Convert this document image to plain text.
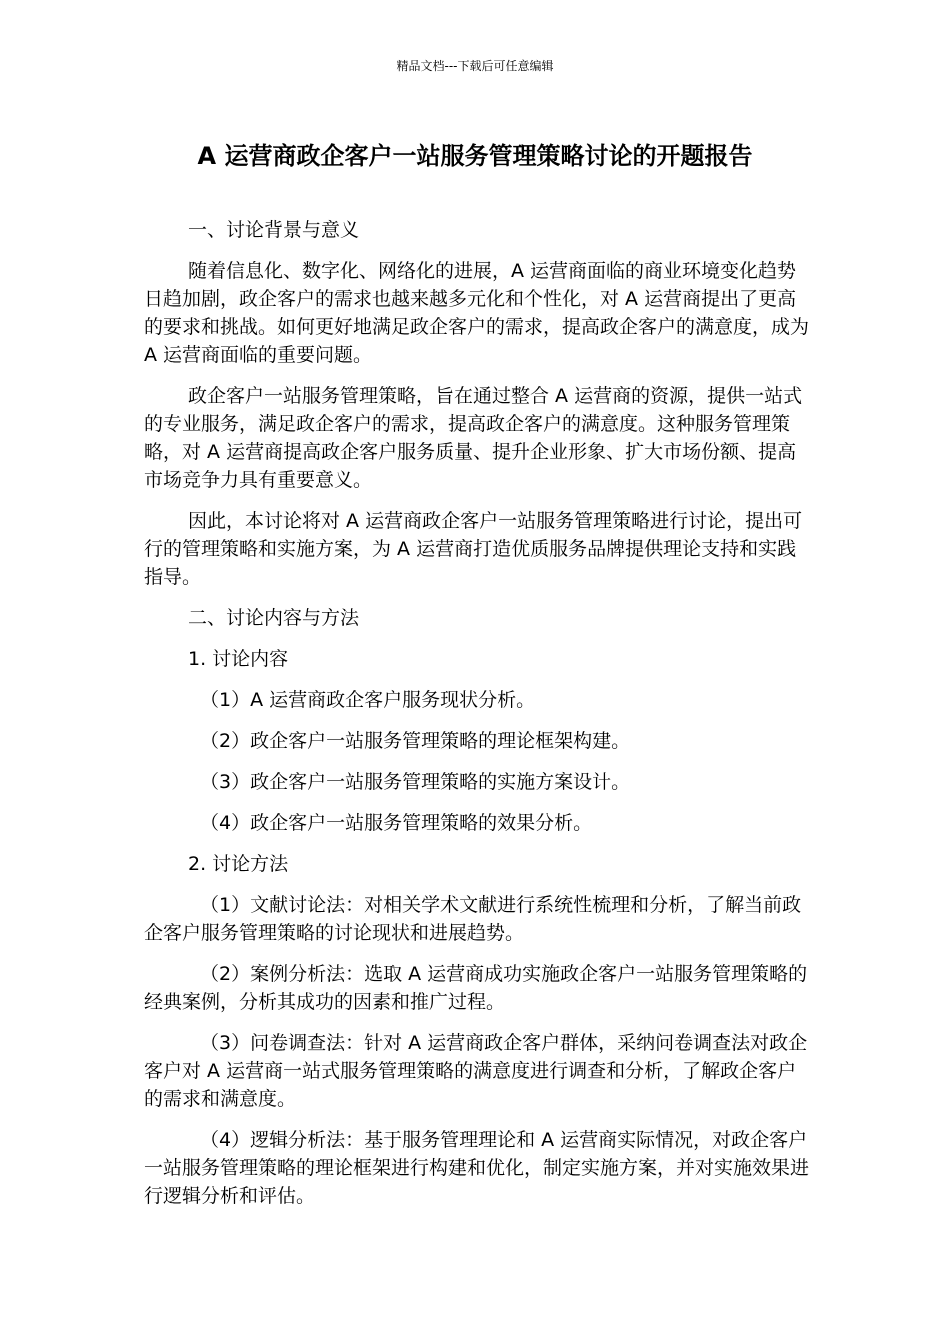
精品文档---下载后可任意编辑
A 运营商政企客户一站服务管理策略讨论的开题报告
一、讨论背景与意义
随着信息化、数字化、网络化的进展，A 运营商面临的商业环境变化趋势日趋加剧，政企客户的需求也越来越多元化和个性化，对 A 运营商提出了更高的要求和挑战。如何更好地满足政企客户的需求，提高政企客户的满意度，成为 A 运营商面临的重要问题。
政企客户一站服务管理策略，旨在通过整合 A 运营商的资源，提供一站式的专业服务，满足政企客户的需求，提高政企客户的满意度。这种服务管理策略，对 A 运营商提高政企客户服务质量、提升企业形象、扩大市场份额、提高市场竞争力具有重要意义。
因此，本讨论将对 A 运营商政企客户一站服务管理策略进行讨论，提出可行的管理策略和实施方案，为 A 运营商打造优质服务品牌提供理论支持和实践指导。
二、讨论内容与方法
1. 讨论内容
（1）A 运营商政企客户服务现状分析。
（2）政企客户一站服务管理策略的理论框架构建。
（3）政企客户一站服务管理策略的实施方案设计。
（4）政企客户一站服务管理策略的效果分析。
2. 讨论方法
（1）文献讨论法：对相关学术文献进行系统性梳理和分析，了解当前政企客户服务管理策略的讨论现状和进展趋势。
（2）案例分析法：选取 A 运营商成功实施政企客户一站服务管理策略的经典案例，分析其成功的因素和推广过程。
（3）问卷调查法：针对 A 运营商政企客户群体，采纳问卷调查法对政企客户对 A 运营商一站式服务管理策略的满意度进行调查和分析，了解政企客户的需求和满意度。
（4）逻辑分析法：基于服务管理理论和 A 运营商实际情况，对政企客户一站服务管理策略的理论框架进行构建和优化，制定实施方案，并对实施效果进行逻辑分析和评估。
